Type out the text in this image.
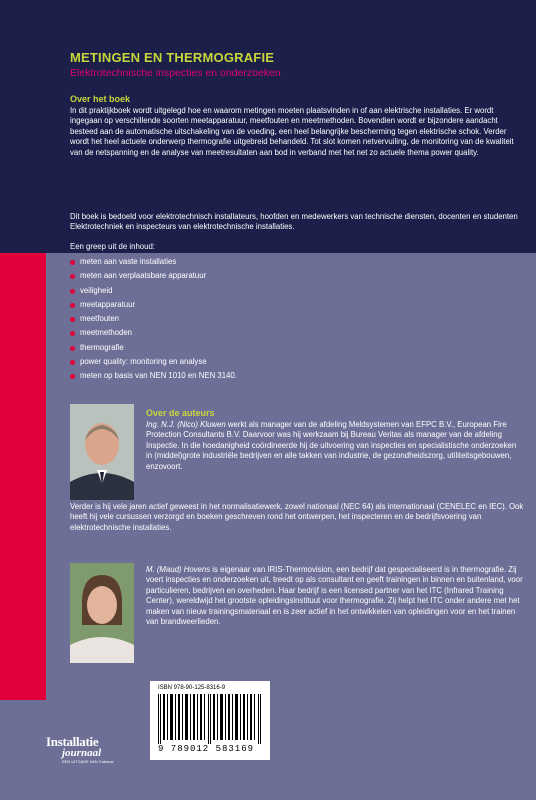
METINGEN EN THERMOGRAFIE
Elektrotechnische inspecties en onderzoeken
Over het boek
In dit praktijkboek wordt uitgelegd hoe en waarom metingen moeten plaatsvinden in of aan elektrische installaties. Er wordt ingegaan op verschillende soorten meetapparatuur, meetfouten en meetmethoden. Bovendien wordt er bijzondere aandacht besteed aan de automatische uitschakeling van de voeding, een heel belangrijke bescherming tegen elektrische schok. Verder wordt het heel actuele onderwerp thermografie uitgebreid behandeld. Tot slot komen netvervuiling, de monitoring van de kwaliteit van de netspanning en de analyse van meetresultaten aan bod in verband met het net zo actuele thema power quality.
Dit boek is bedoeld voor elektrotechnisch installateurs, hoofden en medewerkers van technische diensten, docenten en studenten Elektrotechniek en inspecteurs van elektrotechnische installaties.
Een greep uit de inhoud:
meten aan vaste installaties
meten aan verplaatsbare apparatuur
veiligheid
meetapparatuur
meetfouten
meetmethoden
thermografie
power quality: monitoring en analyse
meten op basis van NEN 1010 en NEN 3140.
Over de auteurs
Ing. N.J. (Nico) Kluwen werkt als manager van de afdeling Meldsystemen van EFPC B.V., European Fire Protection Consultants B.V. Daarvoor was hij werkzaam bij Bureau Veritas als manager van de afdeling Inspectie. In die hoedanigheid coördineerde hij de uitvoering van inspecties en specialistische onderzoeken in (middel)grote industriële bedrijven en alle takken van industrie, de gezondheidszorg, utiliteitsgebouwen, enzovoort.
Verder is hij vele jaren actief geweest in het normalisatiewerk, zowel nationaal (NEC 64) als internationaal (CENELEC en IEC). Ook heeft hij vele cursussen verzorgd en boeken geschreven rond het ontwerpen, het inspecteren en de bedrijfsvoering van elektrotechnische installaties.
M. (Maud) Hovens is eigenaar van IRIS-Thermovision, een bedrijf dat gespecialiseerd is in thermografie. Zij voert inspecties en onderzoeken uit, treedt op als consultant en geeft trainingen in binnen en buitenland, voor particulieren, bedrijven en overheden. Haar bedrijf is een licensed partner van het ITC (Infrared Training Center), wereldwijd het grootste opleidingsinstituut voor thermografie. Zij helpt het ITC onder andere met het maken van nieuw trainingsmateriaal en is zeer actief in het ontwikkelen van opleidingen voor en het trainen van brandweerlieden.
ISBN 978-90-125-8316-9
9 789012 583169
Installatie
journaal
EEN UITGAVE VAN Cobouw
